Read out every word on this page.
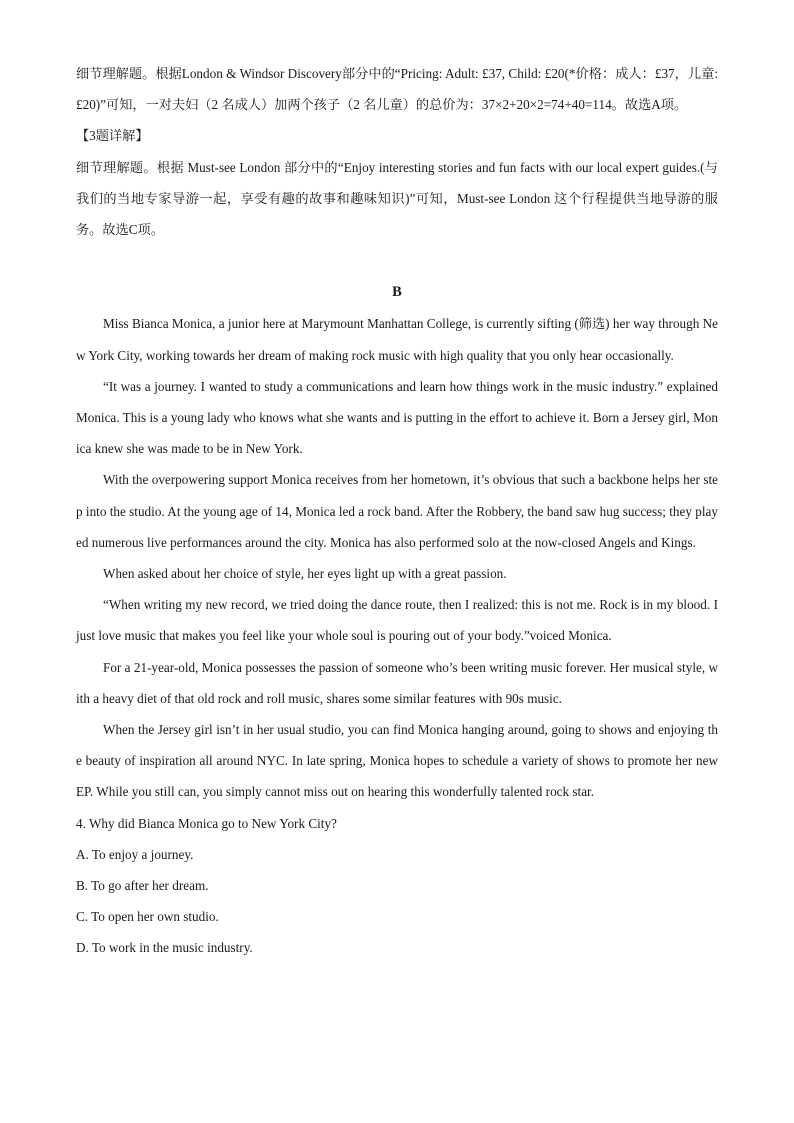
细节理解题。根据London & Windsor Discovery部分中的“Pricing: Adult: £37, Child: £20(*价格：成人：£37，儿童:£20)”可知，一对夫妇（2 名成人）加两个孩子（2 名儿童）的总价为：37×2+20×2=74+40=114。故选A项。

【3题详解】

细节理解题。根据 Must-see London 部分中的“Enjoy interesting stories and fun facts with our local expert guides.(与我们的当地专家导游一起，享受有趣的故事和趣味知识)”可知，Must-see London 这个行程提供当地导游的服务。故选C项。

B

Miss Bianca Monica, a junior here at Marymount Manhattan College, is currently sifting (筛选) her way through New York City, working towards her dream of making rock music with high quality that you only hear occasionally.

“It was a journey. I wanted to study a communications and learn how things work in the music industry.” explained Monica. This is a young lady who knows what she wants and is putting in the effort to achieve it. Born a Jersey girl, Monica knew she was made to be in New York.

With the overpowering support Monica receives from her hometown, it’s obvious that such a backbone helps her step into the studio. At the young age of 14, Monica led a rock band. After the Robbery, the band saw hug success; they played numerous live performances around the city. Monica has also performed solo at the now-closed Angels and Kings.

When asked about her choice of style, her eyes light up with a great passion.

“When writing my new record, we tried doing the dance route, then I realized: this is not me. Rock is in my blood. I just love music that makes you feel like your whole soul is pouring out of your body.”voiced Monica.

For a 21-year-old, Monica possesses the passion of someone who’s been writing music forever. Her musical style, with a heavy diet of that old rock and roll music, shares some similar features with 90s music.

When the Jersey girl isn’t in her usual studio, you can find Monica hanging around, going to shows and enjoying the beauty of inspiration all around NYC. In late spring, Monica hopes to schedule a variety of shows to promote her new EP. While you still can, you simply cannot miss out on hearing this wonderfully talented rock star.

4. Why did Bianca Monica go to New York City?

A. To enjoy a journey.

B. To go after her dream.

C. To open her own studio.

D. To work in the music industry.
